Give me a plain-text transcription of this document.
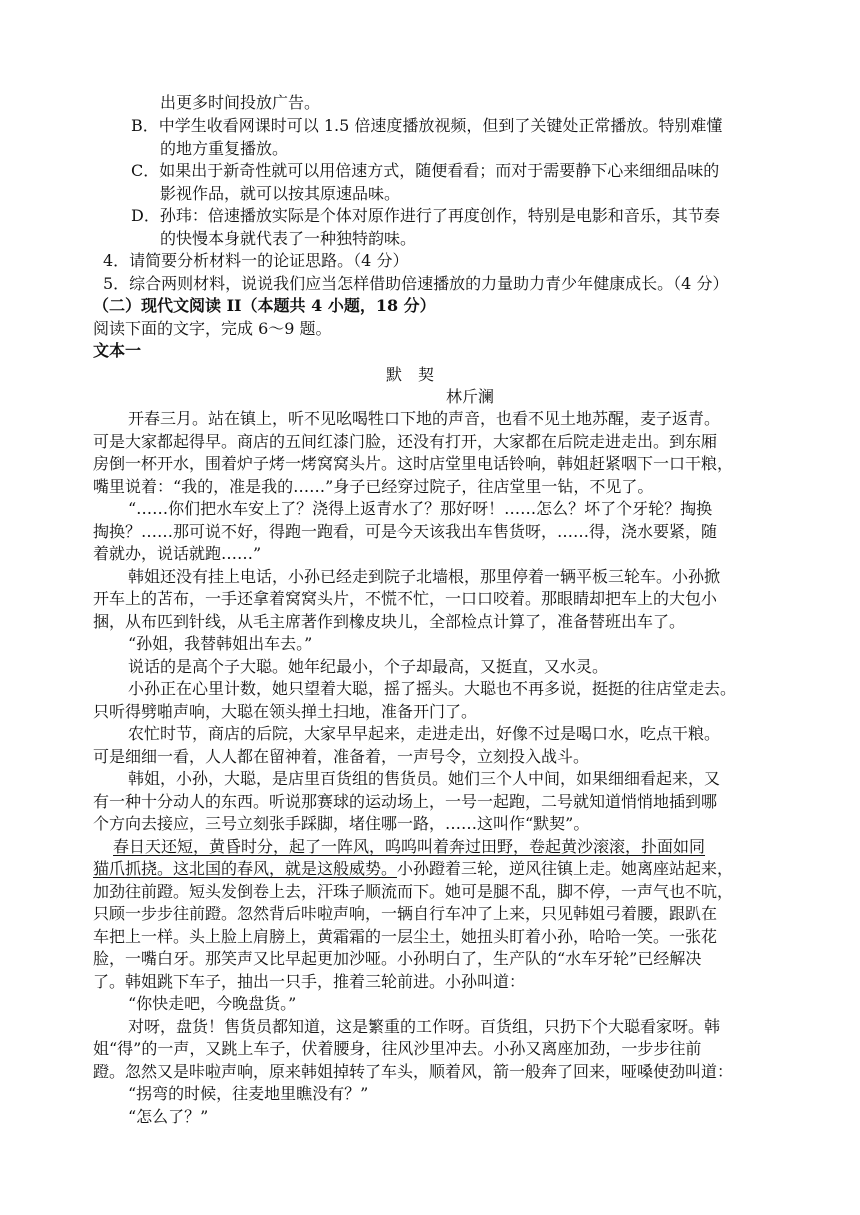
出更多时间投放广告。
B．中学生收看网课时可以 1.5 倍速度播放视频，但到了关键处正常播放。特别难懂
的地方重复播放。
C．如果出于新奇性就可以用倍速方式，随便看看；而对于需要静下心来细细品味的
影视作品，就可以按其原速品味。
D．孙玮：倍速播放实际是个体对原作进行了再度创作，特别是电影和音乐，其节奏
的快慢本身就代表了一种独特韵味。
4．请简要分析材料一的论证思路。（4 分）
5．综合两则材料，说说我们应当怎样借助倍速播放的力量助力青少年健康成长。（4 分）
（二）现代文阅读 II（本题共 4 小题，18 分）
阅读下面的文字，完成 6～9 题。
文本一
默　契
林斤澜
开春三月。站在镇上，听不见吆喝牲口下地的声音，也看不见土地苏醒，麦子返青。
可是大家都起得早。商店的五间红漆门脸，还没有打开，大家都在后院走进走出。到东厢
房倒一杯开水，围着炉子烤一烤窝窝头片。这时店堂里电话铃响，韩姐赶紧咽下一口干粮，
嘴里说着：“我的，准是我的……”身子已经穿过院子，往店堂里一钻，不见了。
“……你们把水车安上了？浇得上返青水了？那好呀！……怎么？坏了个牙轮？掏换
掏换？……那可说不好，得跑一跑看，可是今天该我出车售货呀，……得，浇水要紧，随
着就办，说话就跑……”
韩姐还没有挂上电话，小孙已经走到院子北墙根，那里停着一辆平板三轮车。小孙掀
开车上的苫布，一手还拿着窝窝头片，不慌不忙，一口口咬着。那眼睛却把车上的大包小
捆，从布匹到针线，从毛主席著作到橡皮块儿，全部检点计算了，准备替班出车了。
“孙姐，我替韩姐出车去。”
说话的是高个子大聪。她年纪最小，个子却最高，又挺直，又水灵。
小孙正在心里计数，她只望着大聪，摇了摇头。大聪也不再多说，挺挺的往店堂走去。
只听得劈啪声响，大聪在领头掸土扫地，准备开门了。
农忙时节，商店的后院，大家早早起来，走进走出，好像不过是喝口水，吃点干粮。
可是细细一看，人人都在留神着，准备着，一声号令，立刻投入战斗。
韩姐，小孙，大聪，是店里百货组的售货员。她们三个人中间，如果细细看起来，又
有一种十分动人的东西。听说那赛球的运动场上，一号一起跑，二号就知道悄悄地插到哪
个方向去接应，三号立刻张手踩脚，堵住哪一路，……这叫作“默契”。
春日天还短，黄昏时分，起了一阵风，呜呜叫着奔过田野，卷起黄沙滚滚，扑面如同
猫爪抓挠。这北国的春风，就是这般威势。小孙蹬着三轮，逆风往镇上走。她离座站起来，
加劲往前蹬。短头发倒卷上去，汗珠子顺流而下。她可是腿不乱，脚不停，一声气也不吭，
只顾一步步往前蹬。忽然背后咔啦声响，一辆自行车冲了上来，只见韩姐弓着腰，跟趴在
车把上一样。头上脸上肩膀上，黄霜霜的一层尘土，她扭头盯着小孙，哈哈一笑。一张花
脸，一嘴白牙。那笑声又比早起更加沙哑。小孙明白了，生产队的“水车牙轮”已经解决
了。韩姐跳下车子，抽出一只手，推着三轮前进。小孙叫道：
“你快走吧，今晚盘货。”
对呀，盘货！售货员都知道，这是繁重的工作呀。百货组，只扔下个大聪看家呀。韩
姐“得”的一声，又跳上车子，伏着腰身，往风沙里冲去。小孙又离座加劲，一步步往前
蹬。忽然又是咔啦声响，原来韩姐掉转了车头，顺着风，箭一般奔了回来，哑嗓使劲叫道：
“拐弯的时候，往麦地里瞧没有？”
“怎么了？”
